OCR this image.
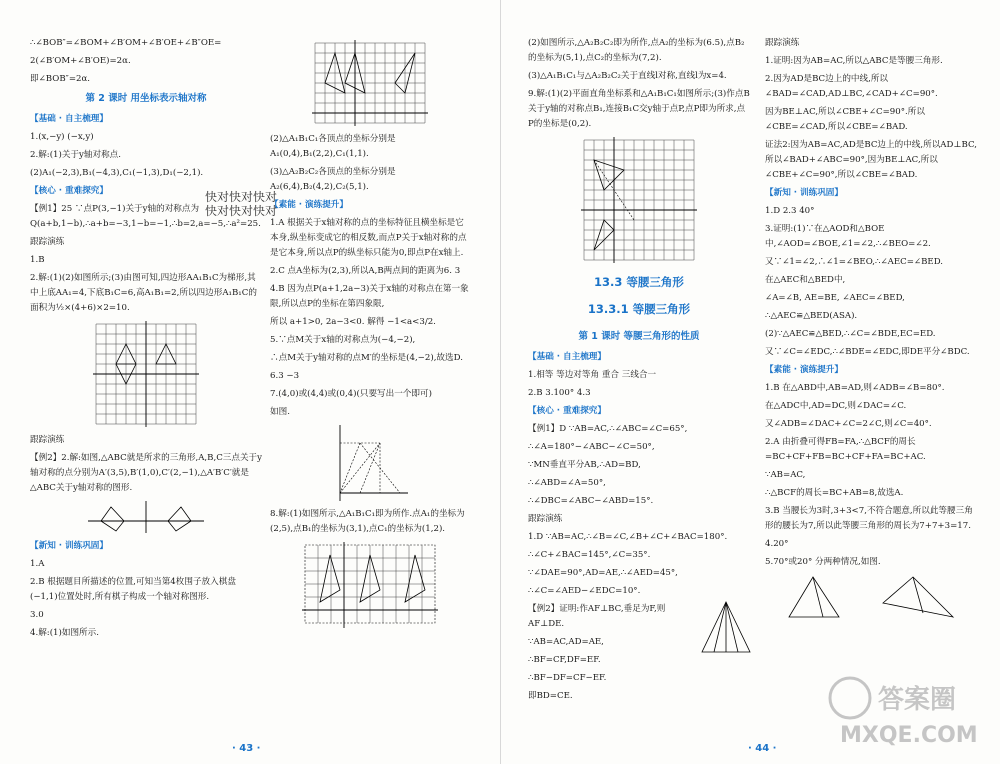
∴∠BOB″=∠BOM+∠B′OM+∠B′OE+∠B″OE=

2(∠B′OM+∠B′OE)=2α.

即∠BOB″=2α.

第 2 课时 用坐标表示轴对称

【基础 · 自主梳理】

1.(x,−y) (−x,y)

2.解:(1)关于y轴对称点.

(2)A₁(−2,3),B₁(−4,3),C₁(−1,3),D₁(−2,1).

【核心 · 重难探究】

【例1】25 ∵点P(3,−1)关于y轴的对称点为Q(a+b,1−b),∴a+b=−3,1−b=−1,∴b=2,a=−5,∴a²=25.

跟踪演练

1.B

2.解:(1)(2)如图所示;(3)由图可知,四边形AA₁B₁C为梯形,其中上底AA₁=4,下底B₁C=6,高A₁B₁=2,所以四边形A₁B₁C的面积为½×(4+6)×2=10.

跟踪演练

【例2】2.解:如图,△ABC就是所求的三角形,A,B,C三点关于y轴对称的点分别为A′(3,5),B′(1,0),C′(2,−1),△A′B′C′就是△ABC关于y轴对称的图形.

【新知 · 训练巩固】

1.A

2.B 根据题目所描述的位置,可知当第4枚围子放入棋盘(−1,1)位置处时,所有棋子构成一个轴对称图形.

3.0

4.解:(1)如图所示.

(2)△A₁B₁C₁各顶点的坐标分别是A₁(0,4),B₁(2,2),C₁(1,1).

(3)△A₂B₂C₂各顶点的坐标分别是A₂(6,4),B₂(4,2),C₂(5,1).

【素能 · 演练提升】

1.A 根据关于x轴对称的点的坐标特征且横坐标是它本身,纵坐标变成它的相反数,而点P关于x轴对称的点是它本身,所以点P的纵坐标只能为0,即点P在x轴上.

2.C 点A坐标为(2,3),所以A,B两点间的距离为6. 3

4.B 因为点P(a+1,2a−3)关于x轴的对称点在第一象限,所以点P的坐标在第四象限,

所以 a+1>0, 2a−3<0. 解得 −1<a<3/2.

5.∵点M关于x轴的对称点为(−4,−2),

∴点M关于y轴对称的点M′的坐标是(4,−2),故选D.

6.3 −3

7.(4,0)或(4,4)或(0,4)(只要写出一个即可)

如图.

8.解:(1)如图所示,△A₁B₁C₁即为所作.点A₁的坐标为(2,5),点B₁的坐标为(3,1),点C₁的坐标为(1,2).

快对快对快对
快对快对快对
· 43 ·

(2)如图所示,△A₂B₂C₂即为所作,点A₂的坐标为(6.5),点B₂的坐标为(5,1),点C₂的坐标为(7,2).

(3)△A₁B₁C₁与△A₂B₂C₂关于直线l对称,直线l为x=4.

9.解:(1)(2)平面直角坐标系和△A₁B₁C₁如图所示;(3)作点B关于y轴的对称点B₁,连接B₁C交y轴于点P,点P即为所求,点P的坐标是(0,2).

13.3 等腰三角形

13.3.1 等腰三角形

第 1 课时 等腰三角形的性质

【基础 · 自主梳理】

1.相等 等边对等角 重合 三线合一

2.B 3.100° 4.3

【核心 · 重难探究】

【例1】D ∵AB=AC,∴∠ABC=∠C=65°,

∴∠A=180°−∠ABC−∠C=50°,

∵MN垂直平分AB,∴AD=BD,

∴∠ABD=∠A=50°,

∴∠DBC=∠ABC−∠ABD=15°.

跟踪演练

1.D ∵AB=AC,∴∠B=∠C,∠B+∠C+∠BAC=180°.

∴∠C+∠BAC=145°,∠C=35°.

∵∠DAE=90°,AD=AE,∴∠AED=45°,

∴∠C=∠AED−∠EDC=10°.

【例2】证明:作AF⊥BC,垂足为F,则AF⊥DE.

∵AB=AC,AD=AE,

∴BF=CF,DF=EF.

∴BF−DF=CF−EF.

即BD=CE.

跟踪演练

1.证明:因为AB=AC,所以△ABC是等腰三角形.

2.因为AD是BC边上的中线,所以∠BAD=∠CAD,AD⊥BC,∠CAD+∠C=90°.

因为BE⊥AC,所以∠CBE+∠C=90°.所以∠CBE=∠CAD,所以∠CBE=∠BAD.

证法2:因为AB=AC,AD是BC边上的中线,所以AD⊥BC,所以∠BAD+∠ABC=90°,因为BE⊥AC,所以∠CBE+∠C=90°,所以∠CBE=∠BAD.

【新知 · 训练巩固】

1.D 2.3 40°

3.证明:(1)∵在△AOD和△BOE中,∠AOD=∠BOE,∠1=∠2,∴∠BEO=∠2.

又∵∠1=∠2,∴∠1=∠BEO,∴∠AEC=∠BED.

在△AEC和△BED中,

∠A=∠B, AE=BE, ∠AEC=∠BED,

∴△AEC≌△BED(ASA).

(2)∵△AEC≌△BED,∴∠C=∠BDE,EC=ED.

又∵∠C=∠EDC,∴∠BDE=∠EDC,即DE平分∠BDC.

【素能 · 演练提升】

1.B 在△ABD中,AB=AD,则∠ADB=∠B=80°.

在△ADC中,AD=DC,则∠DAC=∠C.

又∠ADB=∠DAC+∠C=2∠C,则∠C=40°.

2.A 由折叠可得FB=FA,∴△BCF的周长=BC+CF+FB=BC+CF+FA=BC+AC.

∵AB=AC,

∴△BCF的周长=BC+AB=8,故选A.

3.B 当腰长为3时,3+3<7,不符合题意,所以此等腰三角形的腰长为7,所以此等腰三角形的周长为7+7+3=17.

4.20°

5.70°或20° 分两种情况,如图.

· 44 ·
答案圈
MXQE.COM
